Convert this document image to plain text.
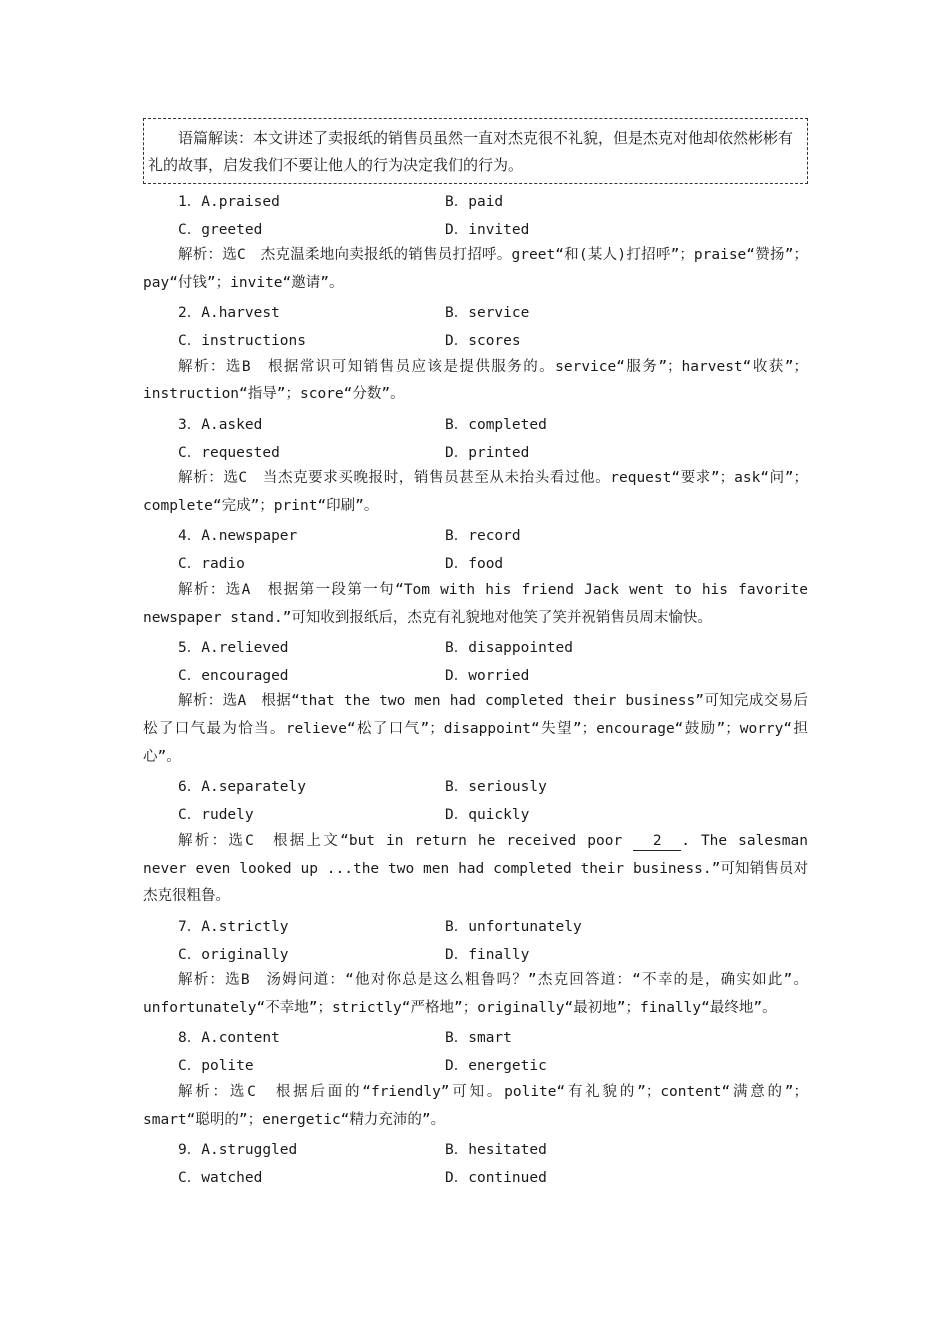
语篇解读：本文讲述了卖报纸的销售员虽然一直对杰克很不礼貌，但是杰克对他却依然彬彬有礼的故事，启发我们不要让他人的行为决定我们的行为。
1．A.praised	B．paid
C．greeted	D．invited
解析：选C　杰克温柔地向卖报纸的销售员打招呼。greet“和(某人)打招呼”；praise“赞扬”；pay“付钱”；invite“邀请”。
2．A.harvest	B．service
C．instructions	D．scores
解析：选B　根据常识可知销售员应该是提供服务的。service“服务”；harvest“收获”；instruction“指导”；score“分数”。
3．A.asked	B．completed
C．requested	D．printed
解析：选C　当杰克要求买晚报时，销售员甚至从未抬头看过他。request“要求”；ask“问”；complete“完成”；print“印刷”。
4．A.newspaper	B．record
C．radio	D．food
解析：选A　根据第一段第一句“Tom with his friend Jack went to his favorite newspaper stand.”可知收到报纸后，杰克有礼貌地对他笑了笑并祝销售员周末愉快。
5．A.relieved	B．disappointed
C．encouraged	D．worried
解析：选A　根据“that the two men had completed their business”可知完成交易后松了口气最为恰当。relieve“松了口气”；disappoint“失望”；encourage“鼓励”；worry“担心”。
6．A.separately	B．seriously
C．rudely	D．quickly
解析：选C　根据上文“but in return he received poor 2 . The salesman never even looked up ...the two men had completed their business.”可知销售员对杰克很粗鲁。
7．A.strictly	B．unfortunately
C．originally	D．finally
解析：选B　汤姆问道：“他对你总是这么粗鲁吗？”杰克回答道：“不幸的是，确实如此”。unfortunately“不幸地”；strictly“严格地”；originally“最初地”；finally“最终地”。
8．A.content	B．smart
C．polite	D．energetic
解析：选C　根据后面的“friendly”可知。polite“有礼貌的”；content“满意的”；smart“聪明的”；energetic“精力充沛的”。
9．A.struggled	B．hesitated
C．watched	D．continued
